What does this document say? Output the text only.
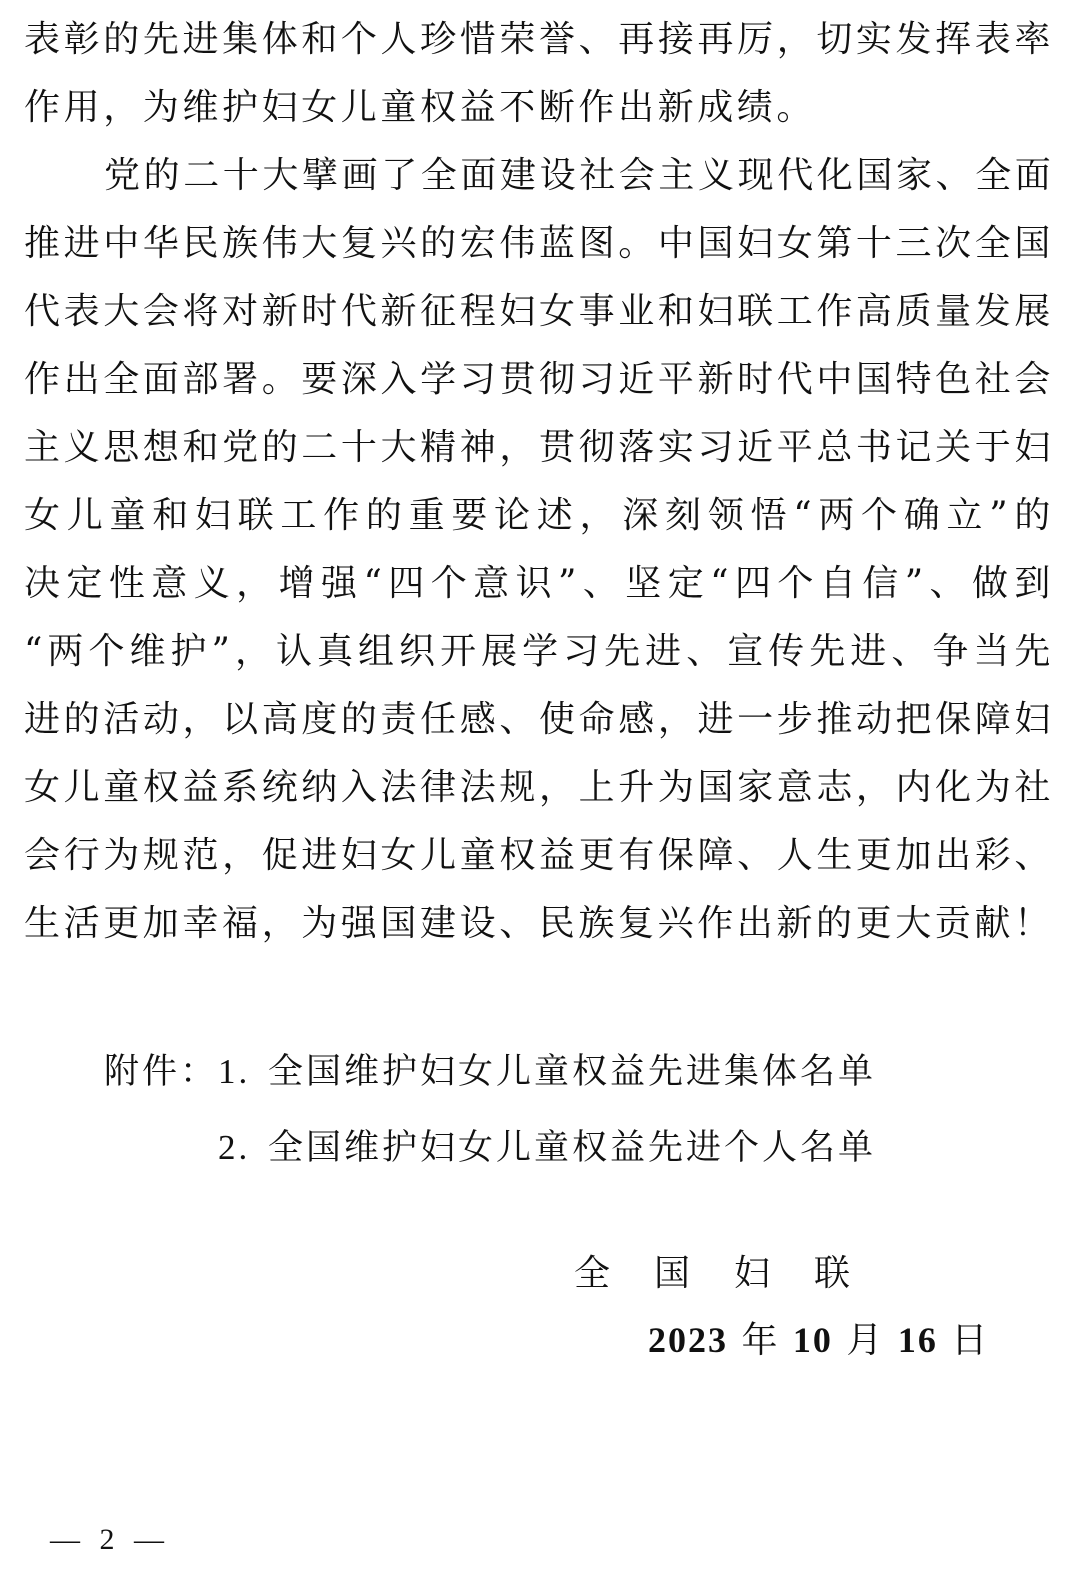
表彰的先进集体和个人珍惜荣誉、再接再厉，切实发挥表率
作用，为维护妇女儿童权益不断作出新成绩。
党的二十大擘画了全面建设社会主义现代化国家、全面
推进中华民族伟大复兴的宏伟蓝图。中国妇女第十三次全国
代表大会将对新时代新征程妇女事业和妇联工作高质量发展
作出全面部署。要深入学习贯彻习近平新时代中国特色社会
主义思想和党的二十大精神，贯彻落实习近平总书记关于妇
女儿童和妇联工作的重要论述，深刻领悟“两个确立”的
决定性意义，增强“四个意识”、坚定“四个自信”、做到
“两个维护”，认真组织开展学习先进、宣传先进、争当先
进的活动，以高度的责任感、使命感，进一步推动把保障妇
女儿童权益系统纳入法律法规，上升为国家意志，内化为社
会行为规范，促进妇女儿童权益更有保障、人生更加出彩、
生活更加幸福，为强国建设、民族复兴作出新的更大贡献！
附件：1. 全国维护妇女儿童权益先进集体名单
2. 全国维护妇女儿童权益先进个人名单
全国妇联
2023 年 10 月 16 日
— 2 —
